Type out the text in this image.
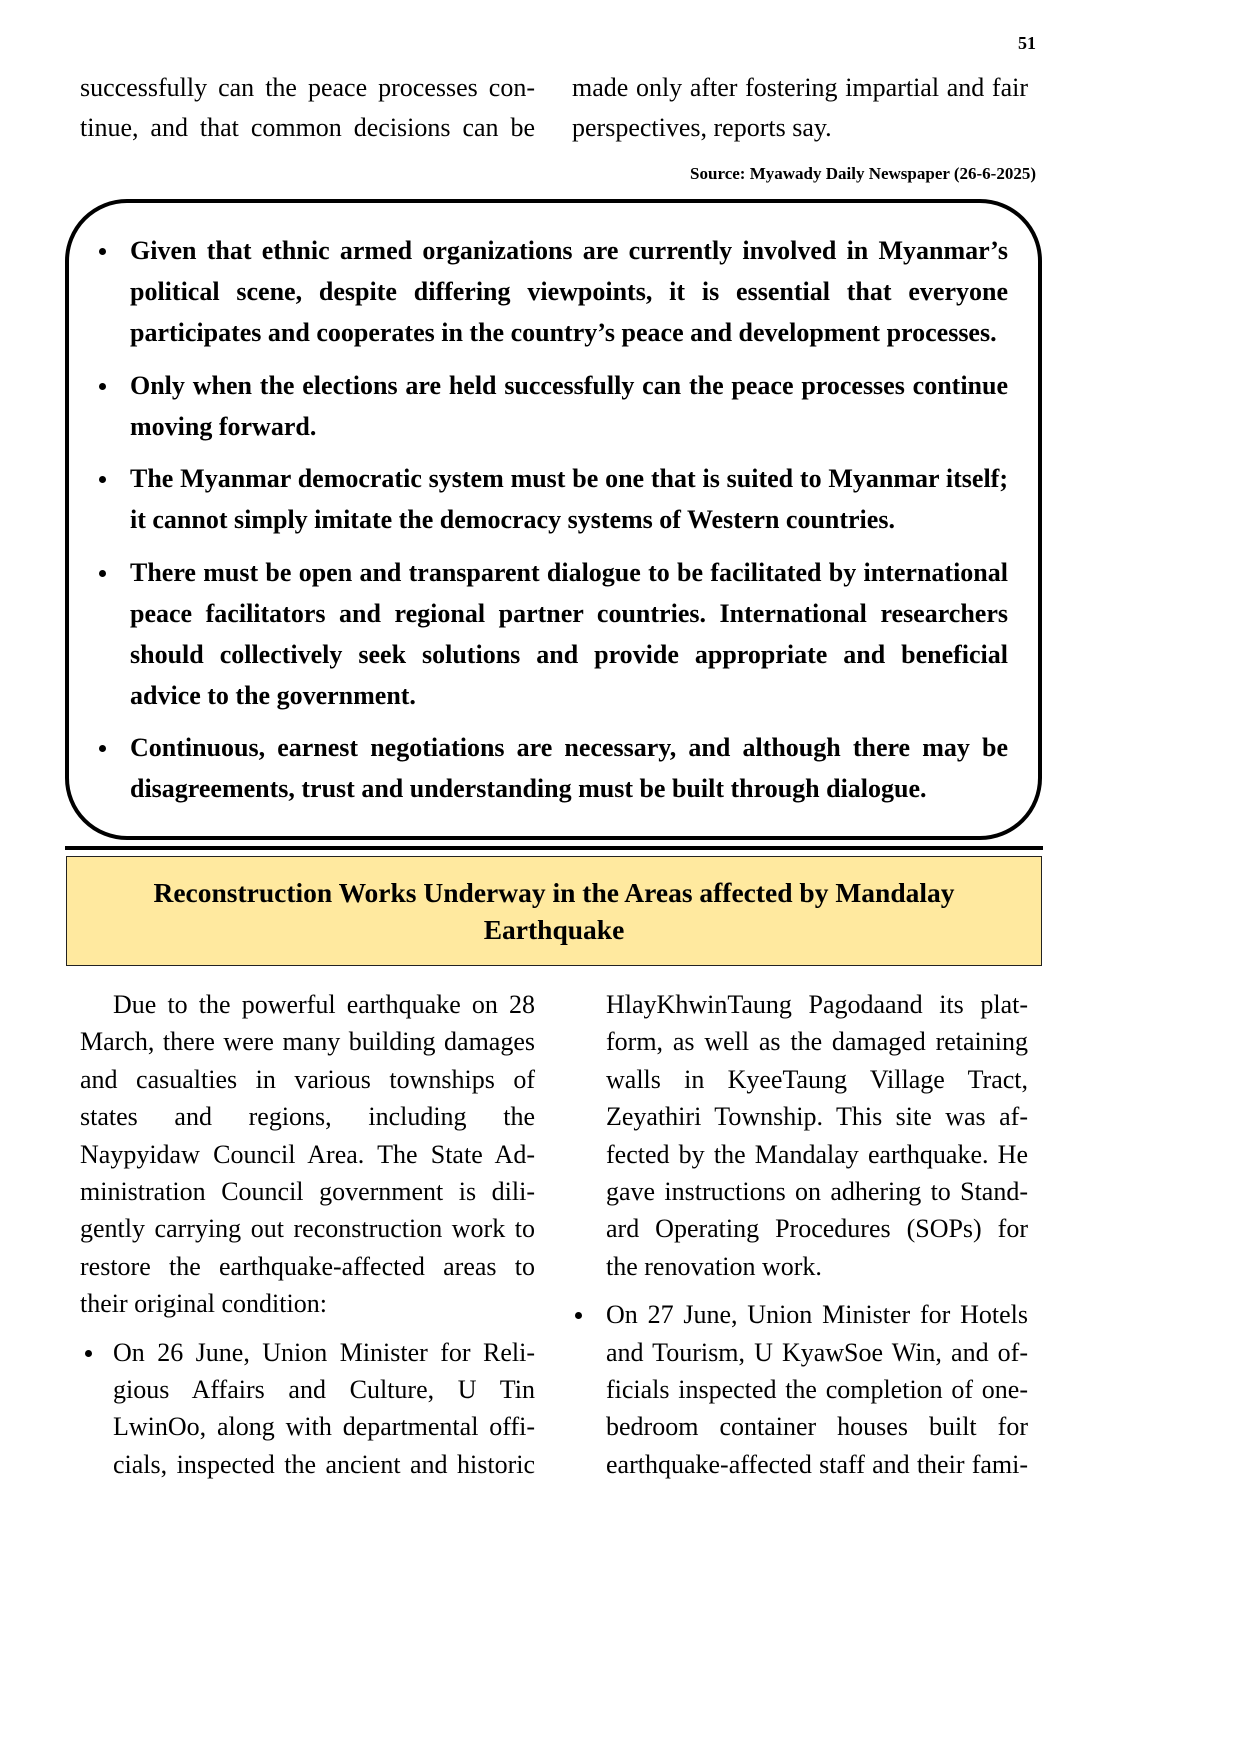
51
successfully can the peace processes con-
tinue, and that common decisions can be
made only after fostering impartial and fair
perspectives, reports say.
Source: Myawady Daily Newspaper (26-6-2025)
Given that ethnic armed organizations are currently involved in Myanmar’s
political scene, despite differing viewpoints, it is essential that everyone
participates and cooperates in the country’s peace and development processes.
Only when the elections are held successfully can the peace processes continue
moving forward.
The Myanmar democratic system must be one that is suited to Myanmar itself;
it cannot simply imitate the democracy systems of Western countries.
There must be open and transparent dialogue to be facilitated by international
peace facilitators and regional partner countries. International researchers
should collectively seek solutions and provide appropriate and beneficial
advice to the government.
Continuous, earnest negotiations are necessary, and although there may be
disagreements, trust and understanding must be built through dialogue.
Reconstruction Works Underway in the Areas affected by Mandalay
Earthquake
Due to the powerful earthquake on 28
March, there were many building damages
and casualties in various townships of
states and regions, including the
Naypyidaw Council Area. The State Ad-
ministration Council government is dili-
gently carrying out reconstruction work to
restore the earthquake-affected areas to
their original condition:
On 26 June, Union Minister for Reli-
gious Affairs and Culture, U Tin
LwinOo, along with departmental offi-
cials, inspected the ancient and historic
HlayKhwinTaung Pagodaand its plat-
form, as well as the damaged retaining
walls in KyeeTaung Village Tract,
Zeyathiri Township. This site was af-
fected by the Mandalay earthquake. He
gave instructions on adhering to Stand-
ard Operating Procedures (SOPs) for
the renovation work.
On 27 June, Union Minister for Hotels
and Tourism, U KyawSoe Win, and of-
ficials inspected the completion of one-
bedroom container houses built for
earthquake-affected staff and their fami-
